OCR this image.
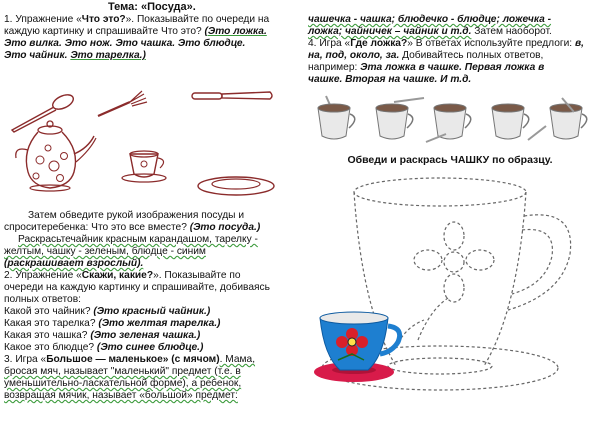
Тема: «Посуда».
1. Упражнение «Что это?». Показывайте по очереди на
каждую картинку и спрашивайте Что это? (Это ложка.
Это вилка. Это нож. Это чашка. Это блюдце.
Это чайник. Это тарелка.)
Затем обведите рукой изображения посуды и
спроситеребенка: Что это все вместе? (Это посуда.)
Раскрасьтечайник красным карандашом, тарелку -
желтым, чашку - зеленым, блюдце - синим
(раскрашивает взрослый).
2. Упражнение «Скажи, какие?». Показывайте по
очереди на каждую картинку и спрашивайте, добиваясь
полных ответов:
Какой это чайник? (Это красный чайник.)
Какая это тарелка? (Это желтая тарелка.)
Какая это чашка? (Это зеленая чашка.)
Какое это блюдце? (Это синее блюдце.)
3. Игра «Большое — маленькое» (с мячом). Мама,
бросая мяч, называет "маленький" предмет (т.е. в
уменьшительно-ласкательной форме), а ребенок,
возвращая мячик, называет «большой» предмет:
чашечка - чашка; блюдечко - блюдце; ложечка -
ложка; чайничек – чайник и т.д. Затем наоборот.
4. Игра «Где ложка?» В ответах используйте предлоги: в,
на, под, около, за. Добивайтесь полных ответов,
например: Эта ложка в чашке. Первая ложка в
чашке. Вторая на чашке. И т.д.
Обведи и раскрась ЧАШКУ по образцу.
